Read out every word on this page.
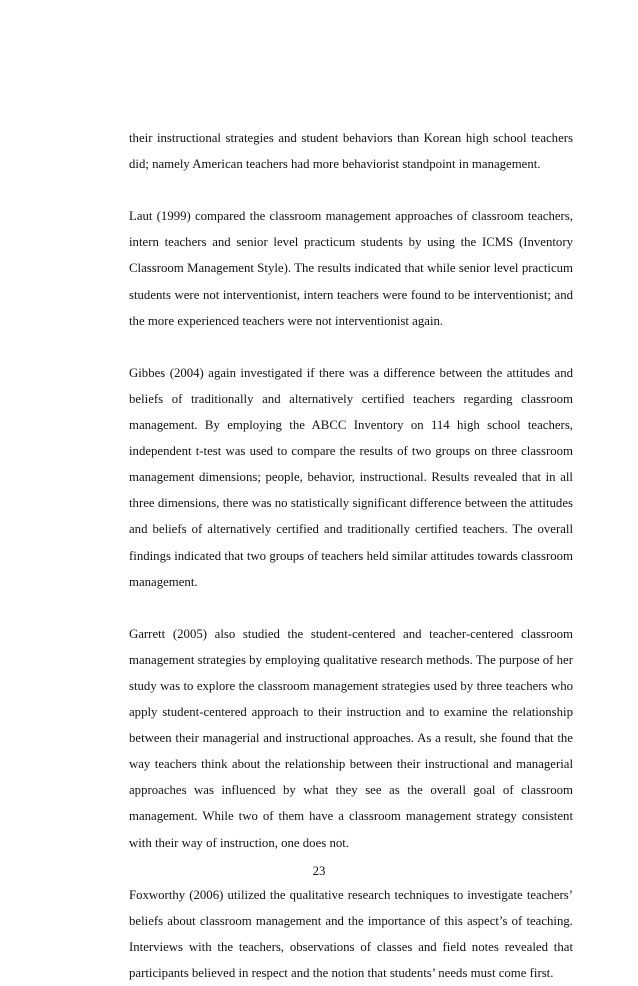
their instructional strategies and student behaviors than Korean high school teachers did; namely American teachers had more behaviorist standpoint in management.

Laut (1999) compared the classroom management approaches of classroom teachers, intern teachers and senior level practicum students by using the ICMS (Inventory Classroom Management Style). The results indicated that while senior level practicum students were not interventionist, intern teachers were found to be interventionist; and the more experienced teachers were not interventionist again.

Gibbes (2004) again investigated if there was a difference between the attitudes and beliefs of traditionally and alternatively certified teachers regarding classroom management. By employing the ABCC Inventory on 114 high school teachers, independent t-test was used to compare the results of two groups on three classroom management dimensions; people, behavior, instructional. Results revealed that in all three dimensions, there was no statistically significant difference between the attitudes and beliefs of alternatively certified and traditionally certified teachers. The overall findings indicated that two groups of teachers held similar attitudes towards classroom management.

Garrett (2005) also studied the student-centered and teacher-centered classroom management strategies by employing qualitative research methods. The purpose of her study was to explore the classroom management strategies used by three teachers who apply student-centered approach to their instruction and to examine the relationship between their managerial and instructional approaches. As a result, she found that the way teachers think about the relationship between their instructional and managerial approaches was influenced by what they see as the overall goal of classroom management. While two of them have a classroom management strategy consistent with their way of instruction, one does not.

Foxworthy (2006) utilized the qualitative research techniques to investigate teachers’ beliefs about classroom management and the importance of this aspect’s of teaching. Interviews with the teachers, observations of classes and field notes revealed that participants believed in respect and the notion that students’ needs must come first.

23
